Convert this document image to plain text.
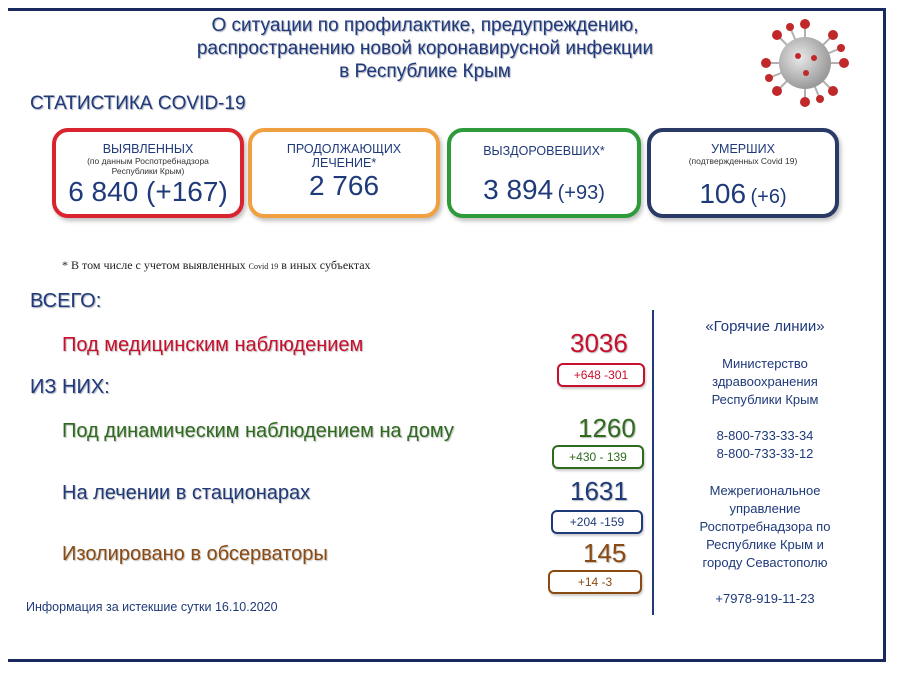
О ситуации по профилактике, предупреждению,
распространению новой коронавирусной инфекции
в Республике Крым
СТАТИСТИКА COVID-19
ВЫЯВЛЕННЫХ
(по данным Роспотребнадзора
Республики Крым)
6 840 (+167)
ПРОДОЛЖАЮЩИХ
ЛЕЧЕНИЕ*
2 766
ВЫЗДОРОВЕВШИХ*
3 894 (+93)
УМЕРШИХ
(подтвержденных Covid 19)
106 (+6)
* В том числе с учетом выявленных Covid 19 в иных субъектах
ВСЕГО:
ИЗ НИХ:
Под медицинским наблюдением
Под динамическим наблюдением на дому
На лечении в стационарах
Изолировано в обсерваторы
3036
1260
1631
145
+648 -301
+430 - 139
+204 -159
+14 -3
«Горячие линии»
Министерство
здравоохранения
Республики Крым
8-800-733-33-34
8-800-733-33-12
Межрегиональное
управление
Роспотребнадзора по
Республике Крым и
городу Севастополю
+7978-919-11-23
Информация за истекшие сутки 16.10.2020
